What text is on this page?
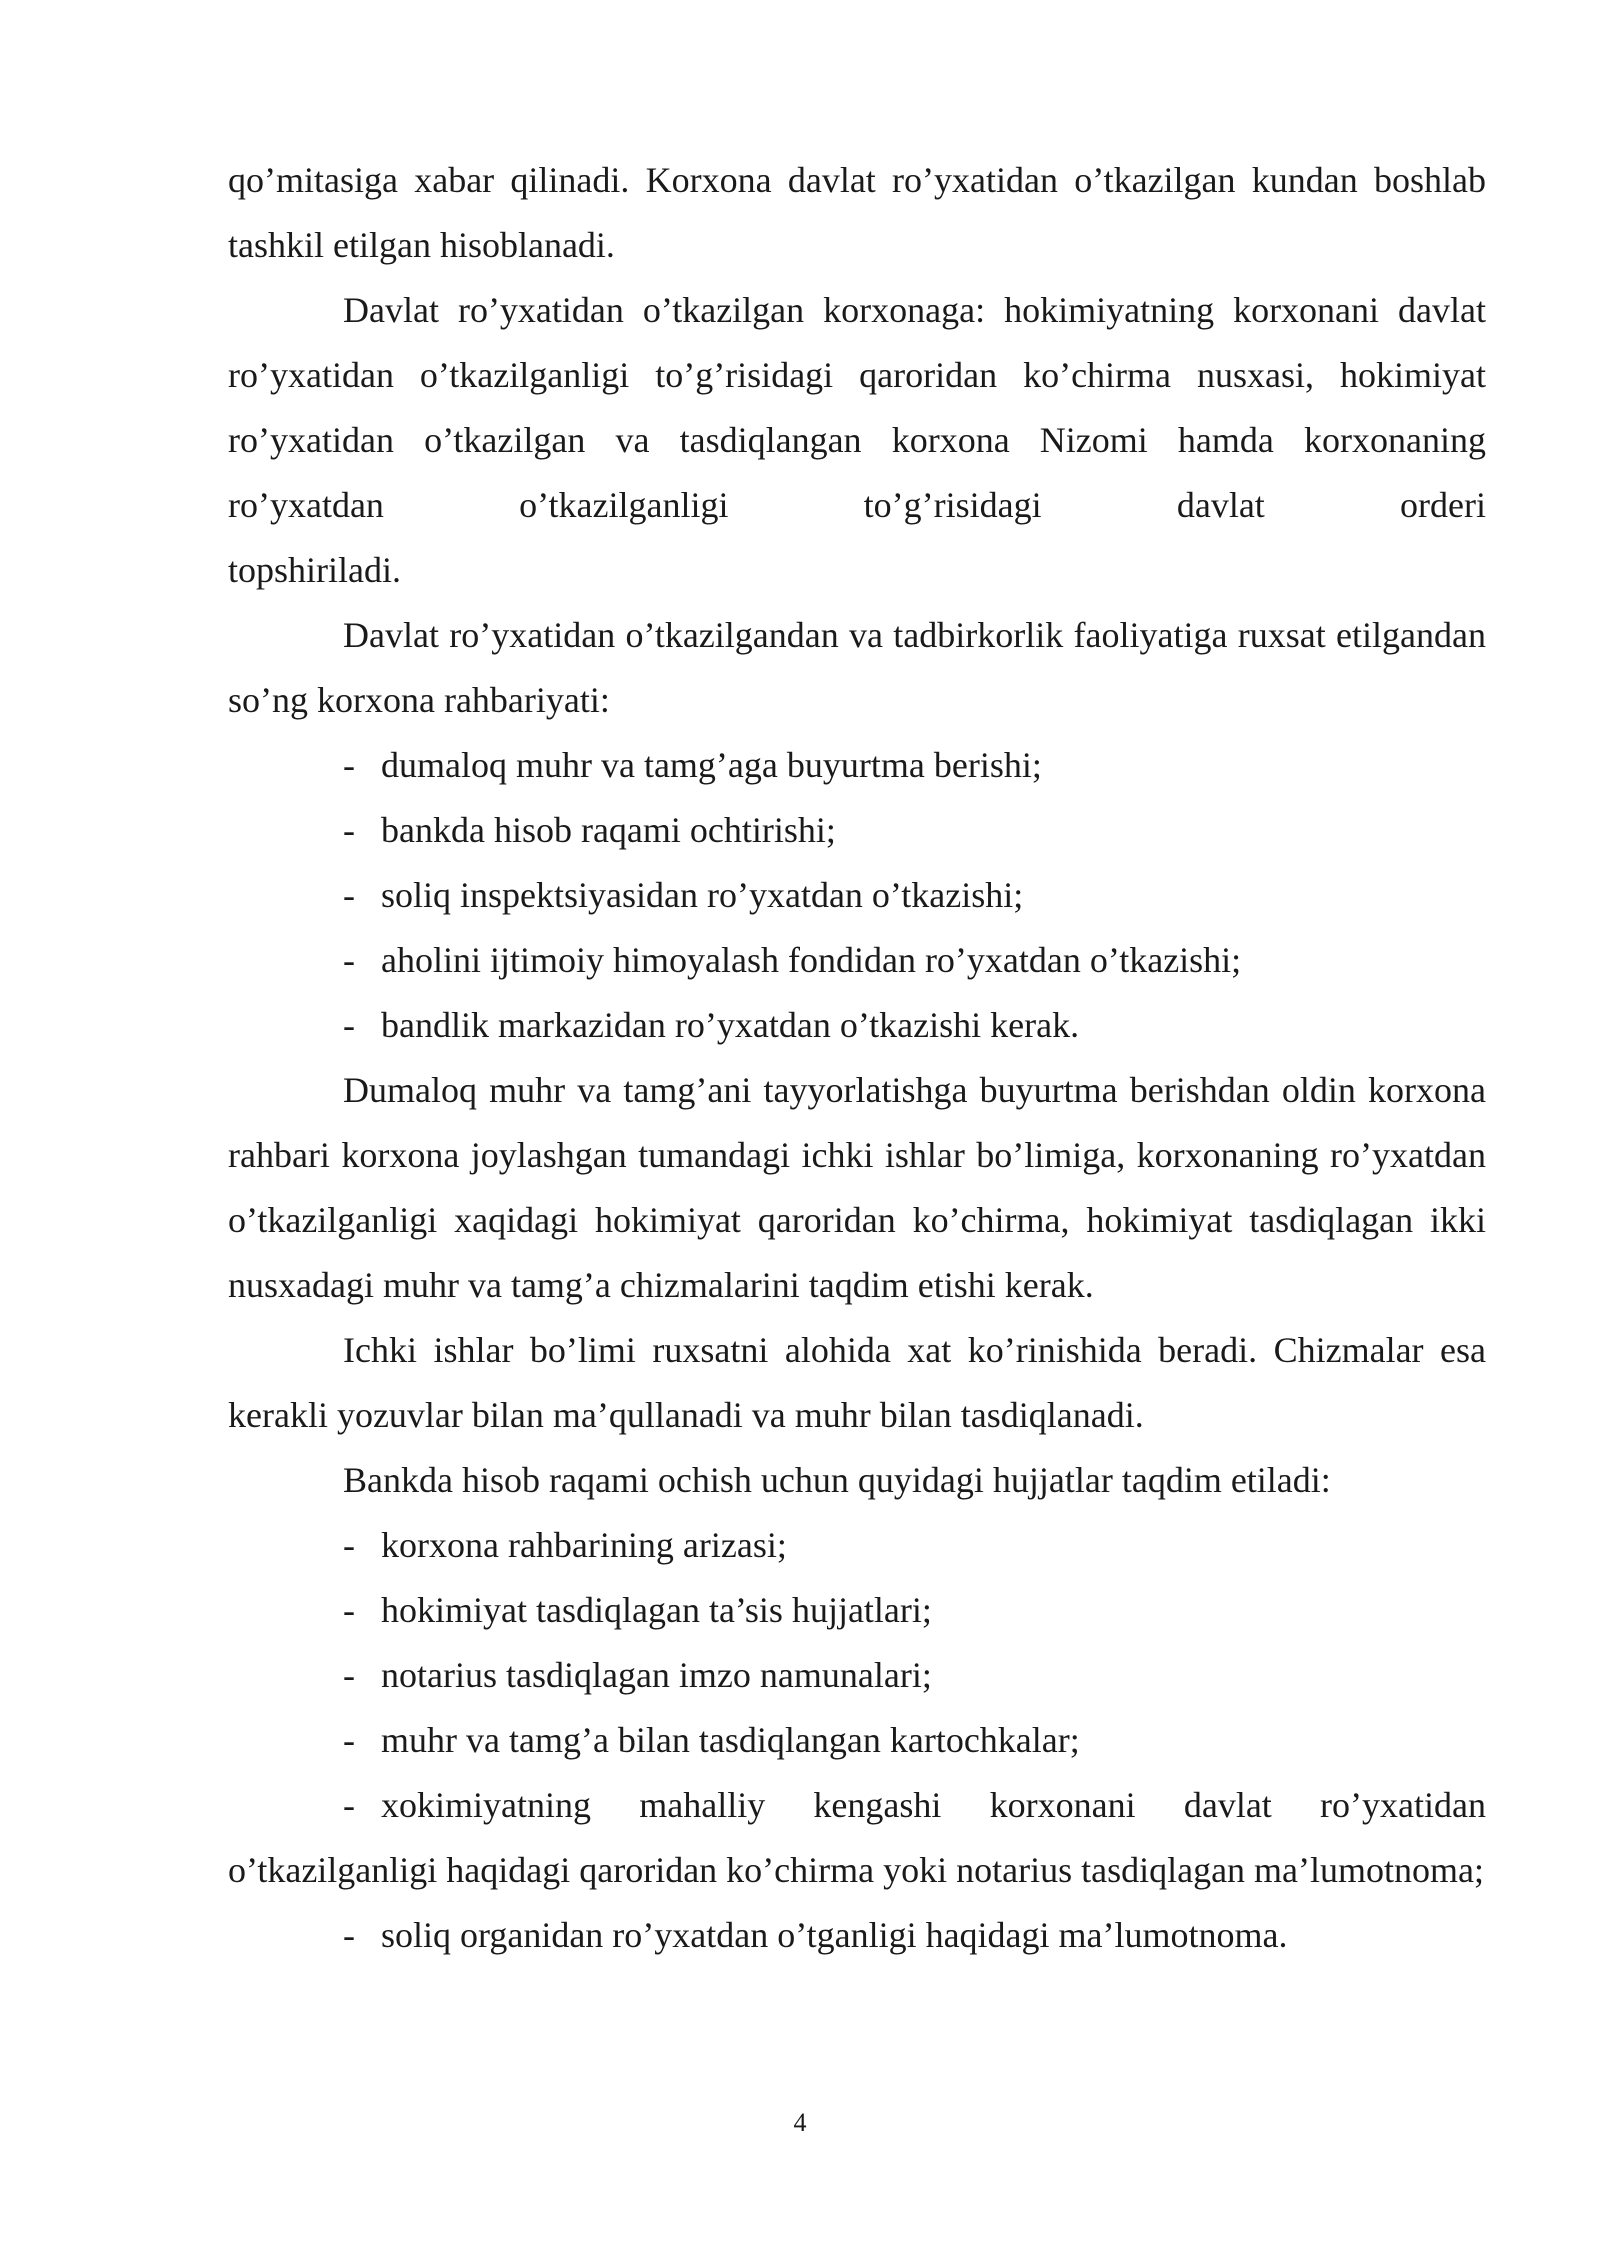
qo’mitasiga xabar qilinadi. Korxona davlat ro’yxatidan o’tkazilgan kundan boshlab tashkil etilgan hisoblanadi.

Davlat ro’yxatidan o’tkazilgan korxonaga: hokimiyatning korxonani davlat ro’yxatidan o’tkazilganligi to’g’risidagi qaroridan ko’chirma nusxasi, hokimiyat ro’yxatidan o’tkazilgan va tasdiqlangan korxona Nizomi hamda korxonaning ro’yxatdan o’tkazilganligi to’g’risidagi davlat orderi

topshiriladi.

Davlat ro’yxatidan o’tkazilgandan va tadbirkorlik faoliyatiga ruxsat etilgandan so’ng korxona rahbariyati:

- dumaloq muhr va tamg’aga buyurtma berishi;

- bankda hisob raqami ochtirishi;

- soliq inspektsiyasidan ro’yxatdan o’tkazishi;

- aholini ijtimoiy himoyalash fondidan ro’yxatdan o’tkazishi;

- bandlik markazidan ro’yxatdan o’tkazishi kerak.

Dumaloq muhr va tamg’ani tayyorlatishga buyurtma berishdan oldin korxona rahbari korxona joylashgan tumandagi ichki ishlar bo’limiga, korxonaning ro’yxatdan o’tkazilganligi xaqidagi hokimiyat qaroridan ko’chirma, hokimiyat tasdiqlagan ikki nusxadagi muhr va tamg’a chizmalarini taqdim etishi kerak.

Ichki ishlar bo’limi ruxsatni alohida xat ko’rinishida beradi. Chizmalar esa kerakli yozuvlar bilan ma’qullanadi va muhr bilan tasdiqlanadi.

Bankda hisob raqami ochish uchun quyidagi hujjatlar taqdim etiladi:

- korxona rahbarining arizasi;

- hokimiyat tasdiqlagan ta’sis hujjatlari;

- notarius tasdiqlagan imzo namunalari;

- muhr va tamg’a bilan tasdiqlangan kartochkalar;

- xokimiyatning mahalliy kengashi korxonani davlat ro’yxatidan o’tkazilganligi haqidagi qaroridan ko’chirma yoki notarius tasdiqlagan ma’lumotnoma;

- soliq organidan ro’yxatdan o’tganligi haqidagi ma’lumotnoma.

4
